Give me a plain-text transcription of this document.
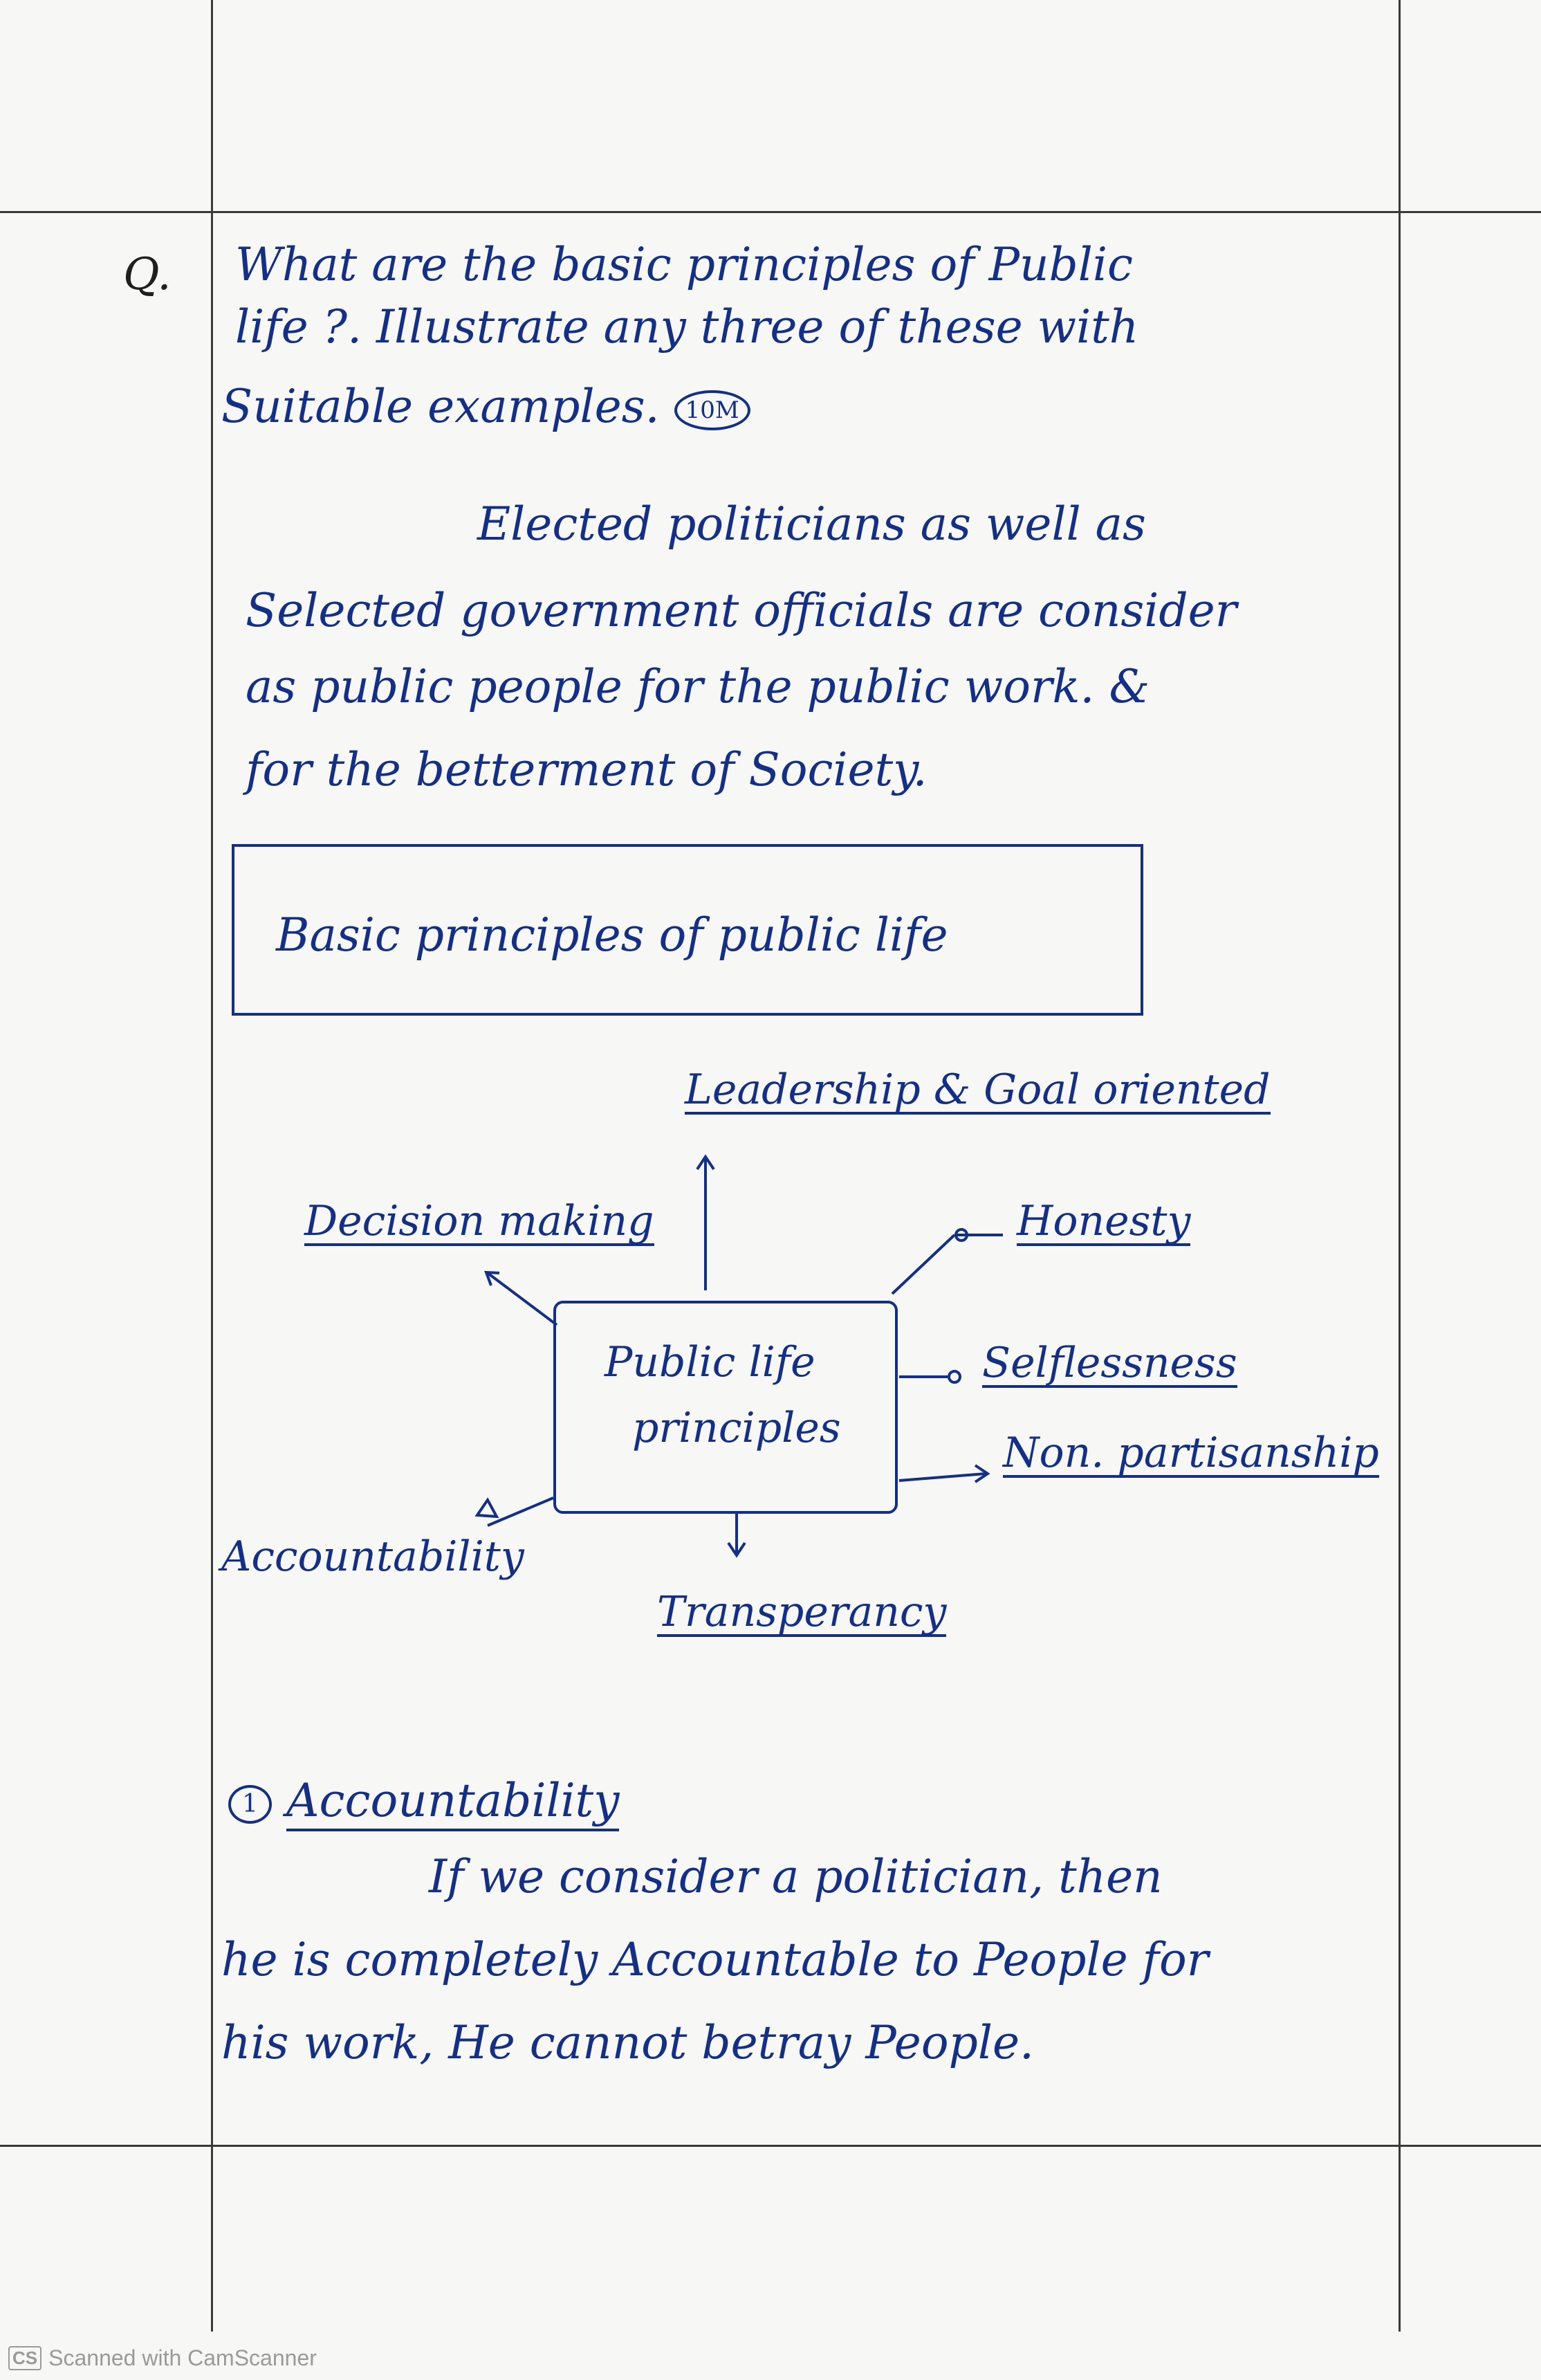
Q. What are the basic principles of Public
life ?. Illustrate any three of these with
Suitable examples. 10M
Elected politicians as well as
Selected government officials are consider
as public people for the public work. &
for the betterment of Society.
Basic principles of public life
Public life
principles
Leadership & Goal oriented
Decision making	Honesty
Selflessness
Non. partisanship
Accountability
Transperancy
1 Accountability
If we consider a politician, then
he is completely Accountable to People for
his work, He cannot betray People.
CS Scanned with CamScanner
